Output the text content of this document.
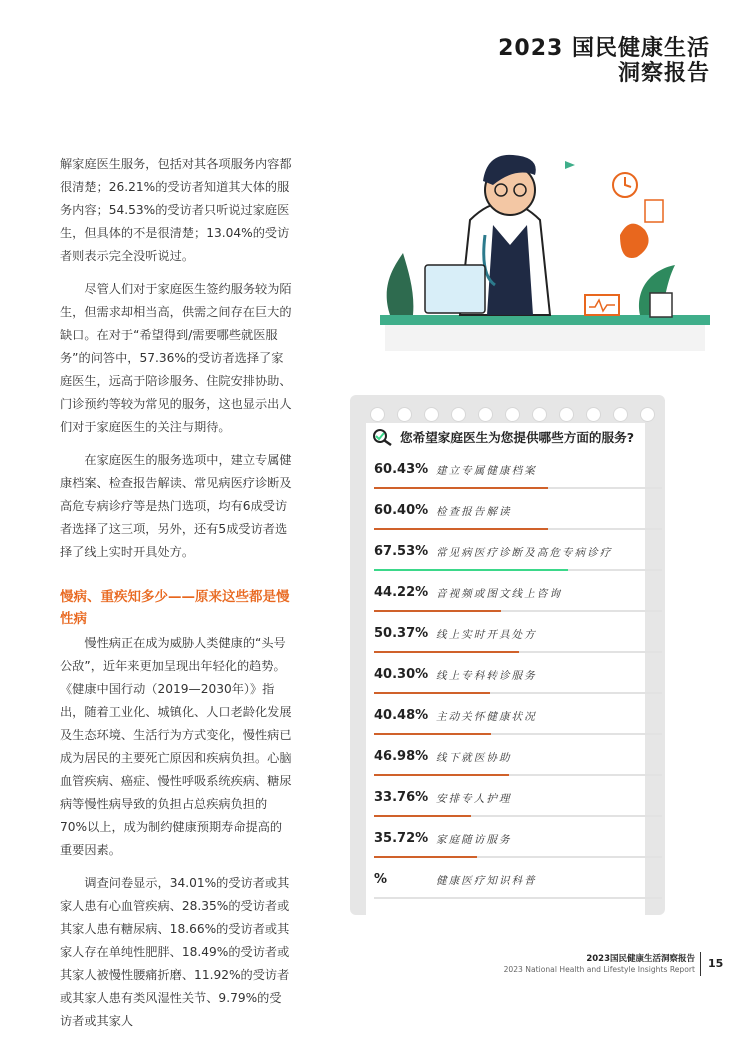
2023 国民健康生活
洞察报告

解家庭医生服务，包括对其各项服务内容都很清楚；26.21%的受访者知道其大体的服务内容；54.53%的受访者只听说过家庭医生，但具体的不是很清楚；13.04%的受访者则表示完全没听说过。

尽管人们对于家庭医生签约服务较为陌生，但需求却相当高，供需之间存在巨大的缺口。在对于“希望得到/需要哪些就医服务”的问答中，57.36%的受访者选择了家庭医生，远高于陪诊服务、住院安排协助、门诊预约等较为常见的服务，这也显示出人们对于家庭医生的关注与期待。

在家庭医生的服务选项中，建立专属健康档案、检查报告解读、常见病医疗诊断及高危专病诊疗等是热门选项，均有6成受访者选择了这三项，另外，还有5成受访者选择了线上实时开具处方。

慢病、重疾知多少——原来这些都是慢性病

慢性病正在成为威胁人类健康的“头号公敌”，近年来更加呈现出年轻化的趋势。《健康中国行动（2019—2030年）》指出，随着工业化、城镇化、人口老龄化发展及生态环境、生活行为方式变化，慢性病已成为居民的主要死亡原因和疾病负担。心脑血管疾病、癌症、慢性呼吸系统疾病、糖尿病等慢性病导致的负担占总疾病负担的70%以上，成为制约健康预期寿命提高的重要因素。

调查问卷显示，34.01%的受访者或其家人患有心血管疾病、28.35%的受访者或其家人患有糖尿病、18.66%的受访者或其家人存在单纯性肥胖、18.49%的受访者或其家人被慢性腰痛折磨、11.92%的受访者或其家人患有类风湿性关节、9.79%的受访者或其家人

您希望家庭医生为您提供哪些方面的服务?
60.43% 建立专属健康档案
60.40% 检查报告解读
67.53% 常见病医疗诊断及高危专病诊疗
44.22% 音视频或图文线上咨询
50.37% 线上实时开具处方
40.30% 线上专科转诊服务
40.48% 主动关怀健康状况
46.98% 线下就医协助
33.76% 安排专人护理
35.72% 家庭随访服务
%	健康医疗知识科普
2023国民健康生活洞察报告
2023 National Health and Lifestyle Insights Report 15
